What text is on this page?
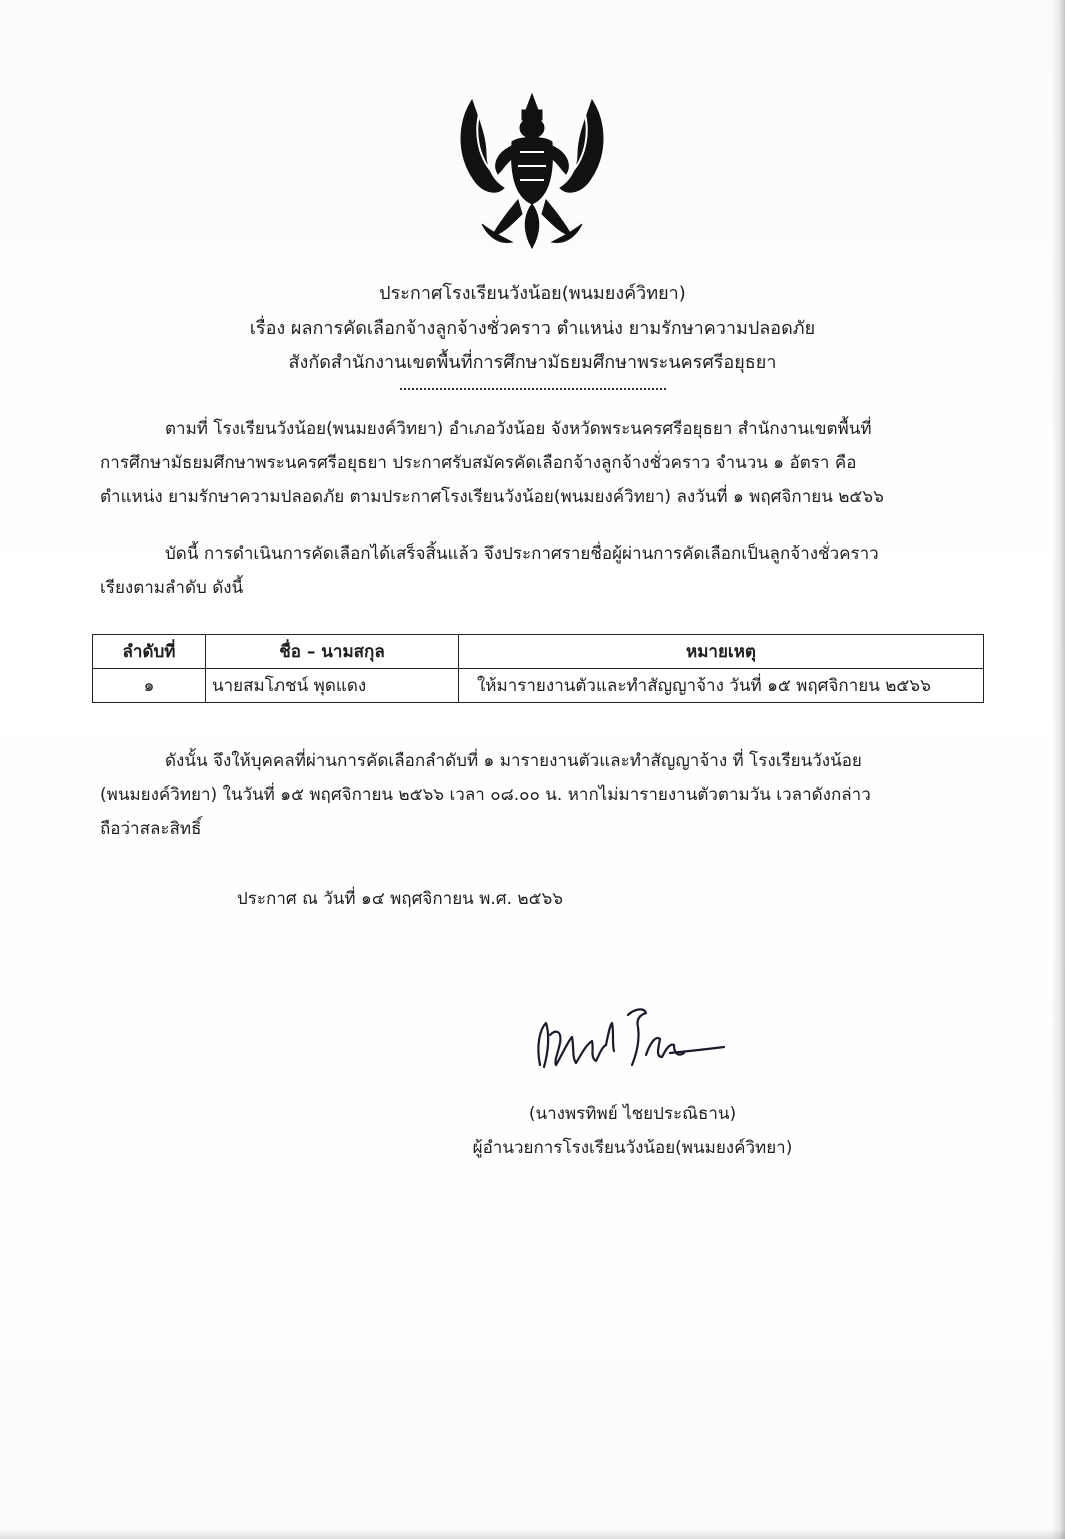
ประกาศโรงเรียนวังน้อย(พนมยงค์วิทยา)
เรื่อง ผลการคัดเลือกจ้างลูกจ้างชั่วคราว ตำแหน่ง ยามรักษาความปลอดภัย
สังกัดสำนักงานเขตพื้นที่การศึกษามัธยมศึกษาพระนครศรีอยุธยา
ตามที่ โรงเรียนวังน้อย(พนมยงค์วิทยา) อำเภอวังน้อย จังหวัดพระนครศรีอยุธยา สำนักงานเขตพื้นที่
การศึกษามัธยมศึกษาพระนครศรีอยุธยา ประกาศรับสมัครคัดเลือกจ้างลูกจ้างชั่วคราว จำนวน ๑ อัตรา คือ
ตำแหน่ง ยามรักษาความปลอดภัย ตามประกาศโรงเรียนวังน้อย(พนมยงค์วิทยา) ลงวันที่ ๑ พฤศจิกายน ๒๕๖๖
บัดนี้ การดำเนินการคัดเลือกได้เสร็จสิ้นแล้ว จึงประกาศรายชื่อผู้ผ่านการคัดเลือกเป็นลูกจ้างชั่วคราว
เรียงตามลำดับ ดังนี้
ลำดับที่	ชื่อ – นามสกุล	หมายเหตุ
๑	นายสมโภชน์ พุดแดง	ให้มารายงานตัวและทำสัญญาจ้าง วันที่ ๑๕ พฤศจิกายน ๒๕๖๖
ดังนั้น จึงให้บุคคลที่ผ่านการคัดเลือกลำดับที่ ๑ มารายงานตัวและทำสัญญาจ้าง ที่ โรงเรียนวังน้อย
(พนมยงค์วิทยา) ในวันที่ ๑๕ พฤศจิกายน ๒๕๖๖ เวลา ๐๘.๐๐ น. หากไม่มารายงานตัวตามวัน เวลาดังกล่าว
ถือว่าสละสิทธิ์
ประกาศ ณ วันที่ ๑๔ พฤศจิกายน พ.ศ. ๒๕๖๖
(นางพรทิพย์ ไชยประณิธาน)
ผู้อำนวยการโรงเรียนวังน้อย(พนมยงค์วิทยา)
